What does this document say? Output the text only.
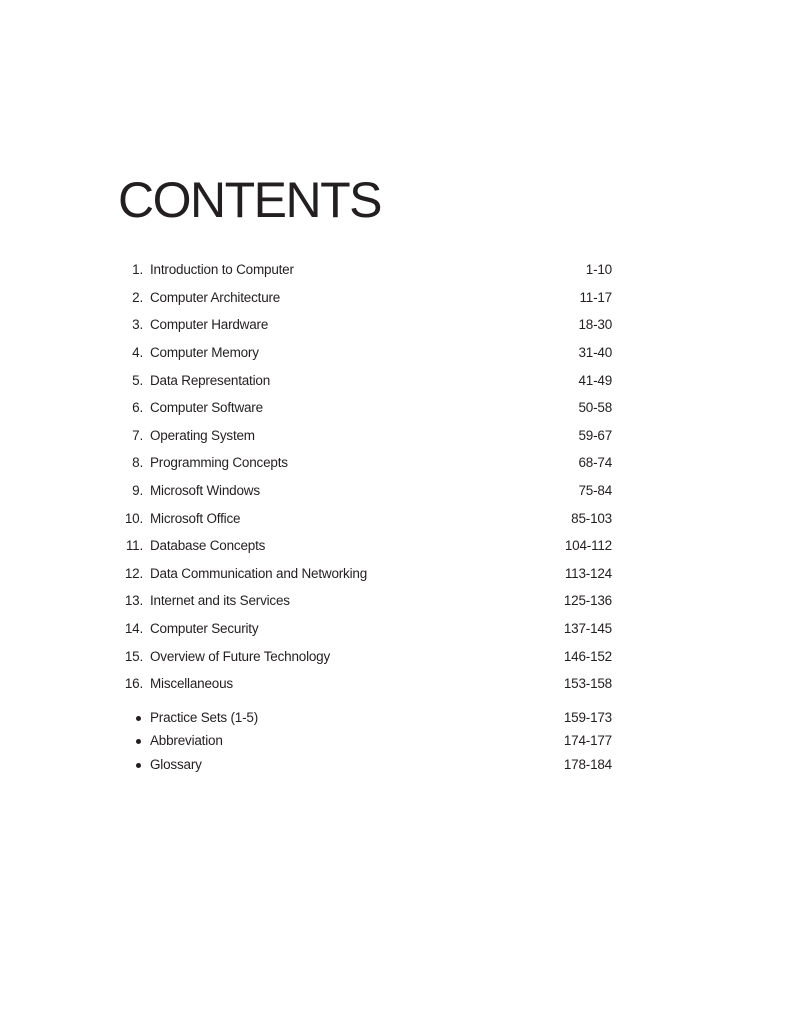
CONTENTS
1. Introduction to Computer	1-10
2. Computer Architecture	11-17
3. Computer Hardware	18-30
4. Computer Memory	31-40
5. Data Representation	41-49
6. Computer Software	50-58
7. Operating System	59-67
8. Programming Concepts	68-74
9. Microsoft Windows	75-84
10. Microsoft Office	85-103
11. Database Concepts	104-112
12. Data Communication and Networking	113-124
13. Internet and its Services	125-136
14. Computer Security	137-145
15. Overview of Future Technology	146-152
16. Miscellaneous	153-158
Practice Sets (1-5)	159-173
Abbreviation	174-177
Glossary	178-184
